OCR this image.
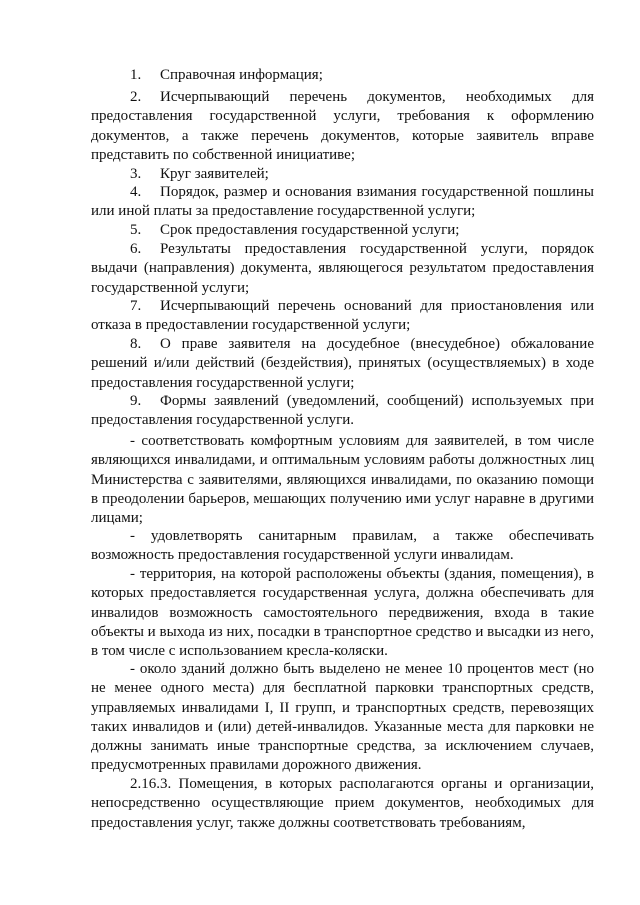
1. Справочная информация;
2. Исчерпывающий перечень документов, необходимых для
предоставления государственной услуги, требования к оформлению документов, а также перечень документов, которые заявитель вправе представить по собственной инициативе;
3. Круг заявителей;
4. Порядок, размер и основания взимания государственной пошлины
или иной платы за предоставление государственной услуги;
5. Срок предоставления государственной услуги;
6. Результаты предоставления государственной услуги, порядок
выдачи (направления) документа, являющегося результатом предоставления государственной услуги;
7. Исчерпывающий перечень оснований для приостановления или
отказа в предоставлении государственной услуги;
8. О праве заявителя на досудебное (внесудебное) обжалование
решений и/или действий (бездействия), принятых (осуществляемых) в ходе предоставления государственной услуги;
9. Формы заявлений (уведомлений, сообщений) используемых при
предоставления государственной услуги.
- соответствовать комфортным условиям для заявителей, в том числе являющихся инвалидами, и оптимальным условиям работы должностных лиц Министерства с заявителями, являющихся инвалидами, по оказанию помощи в преодолении барьеров, мешающих получению ими услуг наравне в другими лицами;
- удовлетворять санитарным правилам, а также обеспечивать возможность предоставления государственной услуги инвалидам.
- территория, на которой расположены объекты (здания, помещения), в которых предоставляется государственная услуга, должна обеспечивать для инвалидов возможность самостоятельного передвижения, входа в такие объекты и выхода из них, посадки в транспортное средство и высадки из него, в том числе с использованием кресла-коляски.
- около зданий должно быть выделено не менее 10 процентов мест (но не менее одного места) для бесплатной парковки транспортных средств, управляемых инвалидами I, II групп, и транспортных средств, перевозящих таких инвалидов и (или) детей-инвалидов. Указанные места для парковки не должны занимать иные транспортные средства, за исключением случаев, предусмотренных правилами дорожного движения.
2.16.3. Помещения, в которых располагаются органы и организации, непосредственно осуществляющие прием документов, необходимых для предоставления услуг, также должны соответствовать требованиям,
